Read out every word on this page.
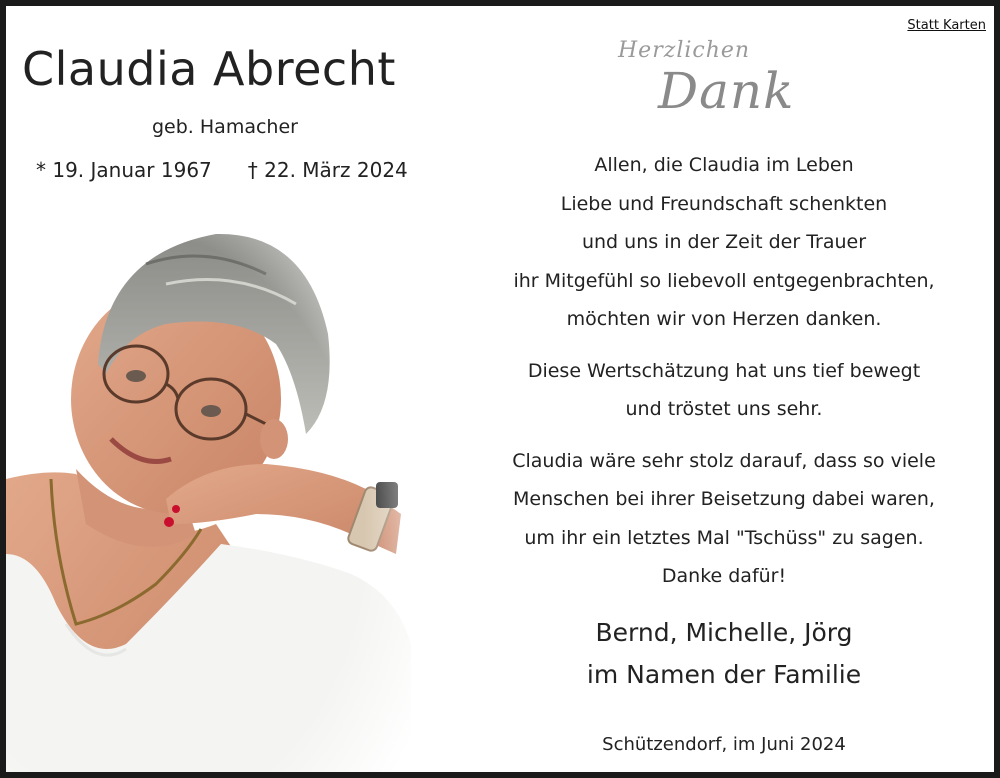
Statt Karten
Claudia Abrecht
geb. Hamacher
* 19. Januar 1967 † 22. März 2024
Herzlichen
Dank
Allen, die Claudia im Leben
Liebe und Freundschaft schenkten
und uns in der Zeit der Trauer
ihr Mitgefühl so liebevoll entgegenbrachten,
möchten wir von Herzen danken.
Diese Wertschätzung hat uns tief bewegt
und tröstet uns sehr.
Claudia wäre sehr stolz darauf, dass so viele
Menschen bei ihrer Beisetzung dabei waren,
um ihr ein letztes Mal "Tschüss" zu sagen.
Danke dafür!
Bernd, Michelle, Jörg
im Namen der Familie
Schützendorf, im Juni 2024
